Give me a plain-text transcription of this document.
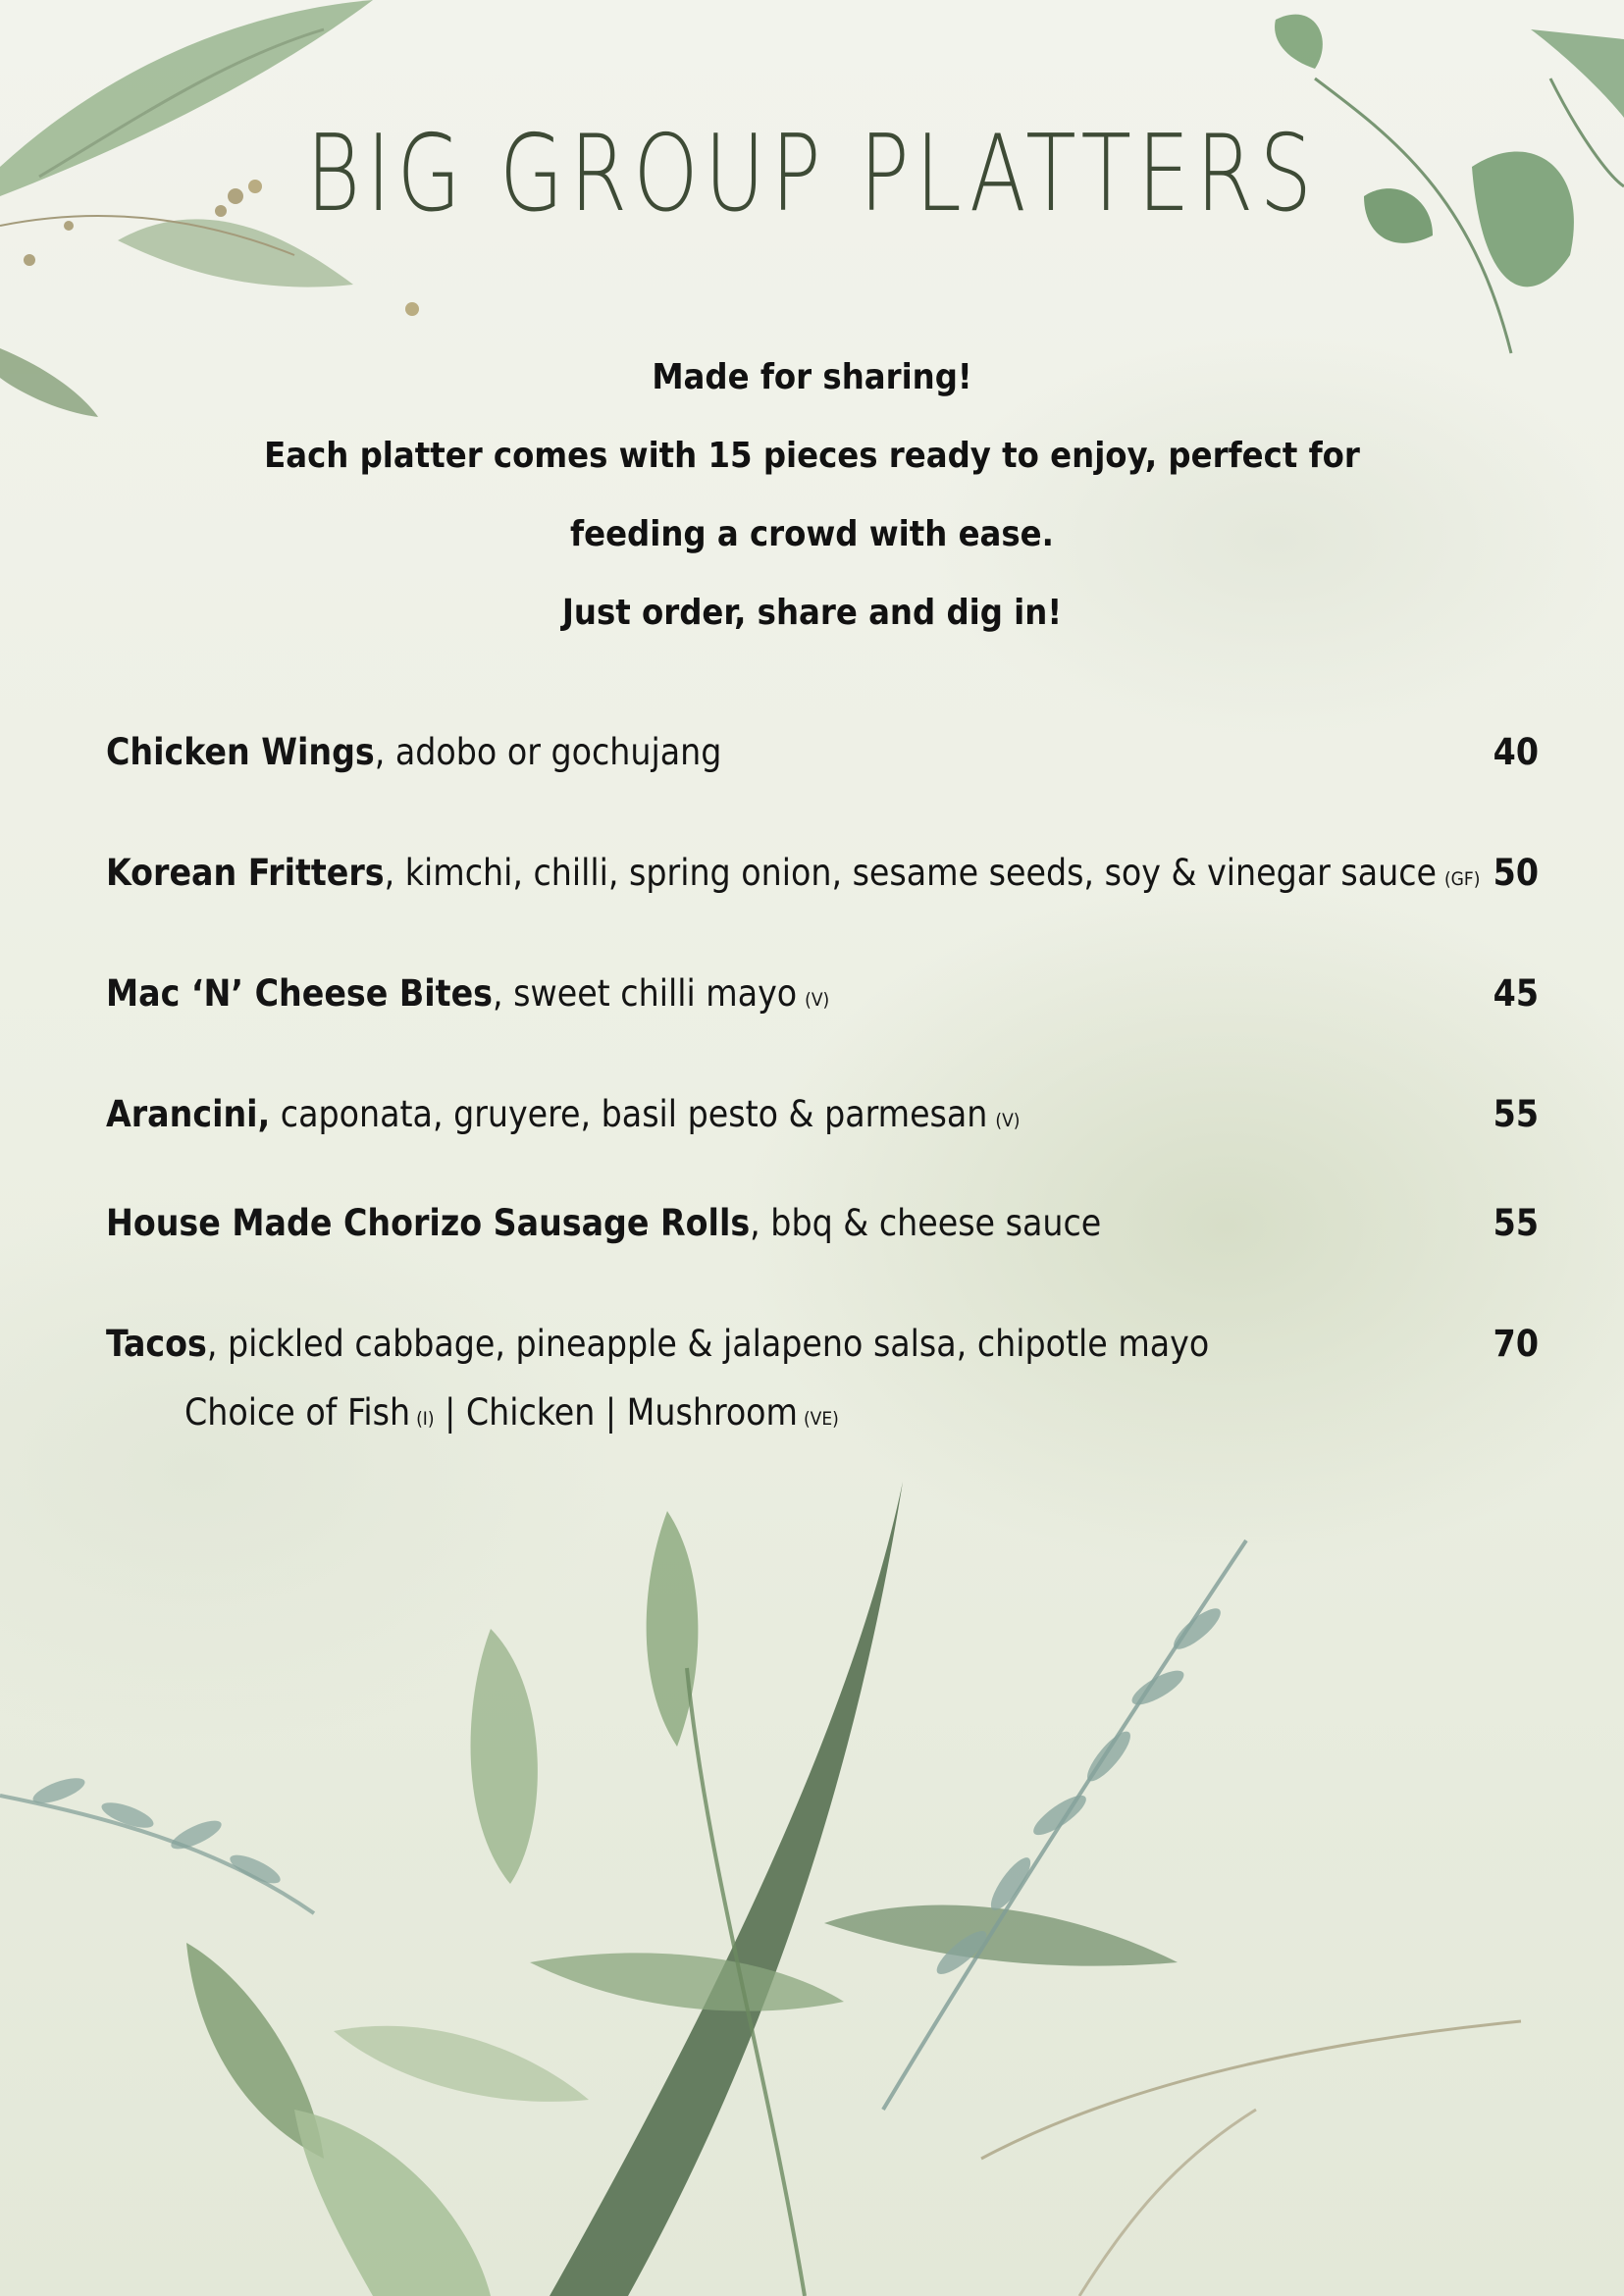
BIG GROUP PLATTERS
Made for sharing!
Each platter comes with 15 pieces ready to enjoy, perfect for
feeding a crowd with ease.
Just order, share and dig in!
Chicken Wings, adobo or gochujang	40
Korean Fritters, kimchi, chilli, spring onion, sesame seeds, soy & vinegar sauce (GF) 50
Mac ‘N’ Cheese Bites, sweet chilli mayo (V)	45
Arancini, caponata, gruyere, basil pesto & parmesan (V)	55
House Made Chorizo Sausage Rolls, bbq & cheese sauce	55
Tacos, pickled cabbage, pineapple & jalapeno salsa, chipotle mayo	70
Choice of Fish (I) | Chicken | Mushroom (VE)
